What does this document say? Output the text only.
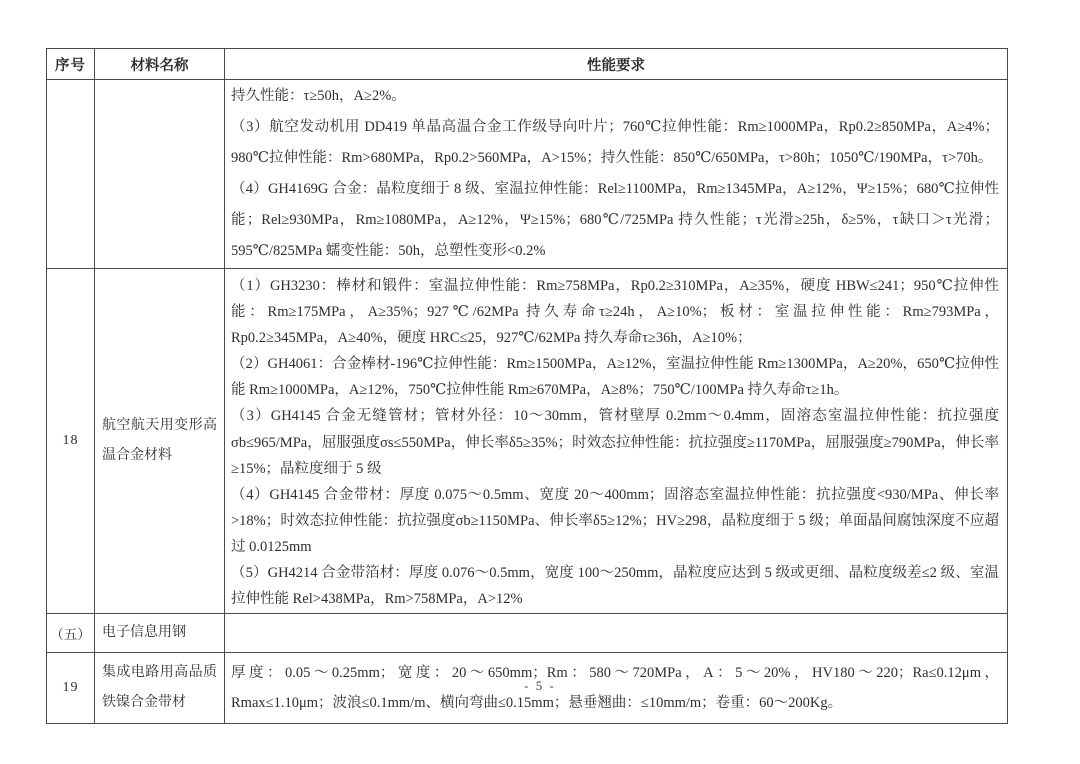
序号	材料名称	性能要求

持久性能：τ≥50h，A≥2%。

（3）航空发动机用 DD419 单晶高温合金工作级导向叶片；760℃拉伸性能：Rm≥1000MPa，Rp0.2≥850MPa，A≥4%；980℃拉伸性能：Rm>680MPa，Rp0.2>560MPa，A>15%；持久性能：850℃/650MPa，τ>80h；1050℃/190MPa，τ>70h。

（4）GH4169G 合金：晶粒度细于 8 级、室温拉伸性能：Rel≥1100MPa，Rm≥1345MPa，A≥12%，Ψ≥15%；680℃拉伸性能；Rel≥930MPa，Rm≥1080MPa，A≥12%，Ψ≥15%；680℃/725MPa 持久性能；τ光滑≥25h，δ≥5%，τ缺口＞τ光滑；595℃/825MPa 蠕变性能：50h，总塑性变形<0.2%

18
航空航天用变形高温合金材料

（1）GH3230：棒材和锻件：室温拉伸性能：Rm≥758MPa，Rp0.2≥310MPa，A≥35%，硬度 HBW≤241；950℃拉伸性能：Rm≥175MPa，A≥35%；927℃/62MPa 持久寿命τ≥24h，A≥10%；板材：室温拉伸性能：Rm≥793MPa，Rp0.2≥345MPa，A≥40%，硬度 HRC≤25，927℃/62MPa 持久寿命τ≥36h，A≥10%；

（2）GH4061：合金棒材-196℃拉伸性能：Rm≥1500MPa，A≥12%，室温拉伸性能 Rm≥1300MPa，A≥20%，650℃拉伸性能 Rm≥1000MPa，A≥12%，750℃拉伸性能 Rm≥670MPa，A≥8%；750℃/100MPa 持久寿命τ≥1h。

（3）GH4145 合金无缝管材；管材外径：10～30mm，管材壁厚 0.2mm～0.4mm，固溶态室温拉伸性能：抗拉强度σb≤965/MPa，屈服强度σs≤550MPa，伸长率δ5≥35%；时效态拉伸性能：抗拉强度≥1170MPa，屈服强度≥790MPa，伸长率≥15%；晶粒度细于 5 级

（4）GH4145 合金带材：厚度 0.075～0.5mm、宽度 20～400mm；固溶态室温拉伸性能：抗拉强度<930/MPa、伸长率>18%；时效态拉伸性能：抗拉强度σb≥1150MPa、伸长率δ5≥12%；HV≥298，晶粒度细于 5 级；单面晶间腐蚀深度不应超过 0.0125mm

（5）GH4214 合金带箔材：厚度 0.076～0.5mm，宽度 100～250mm，晶粒度应达到 5 级或更细、晶粒度级差≤2 级、室温拉伸性能 Rel>438MPa，Rm>758MPa，A>12%

（五） 电子信息用钢
19
集成电路用高品质铁镍合金带材

厚度：0.05～0.25mm；宽度：20～650mm；Rm：580～720MPa，A：5～20%，HV180～220；Ra≤0.12μm，Rmax≤1.10μm；波浪≤0.1mm/m、横向弯曲≤0.15mm；悬垂翘曲：≤10mm/m；卷重：60～200Kg。

- 5 -
